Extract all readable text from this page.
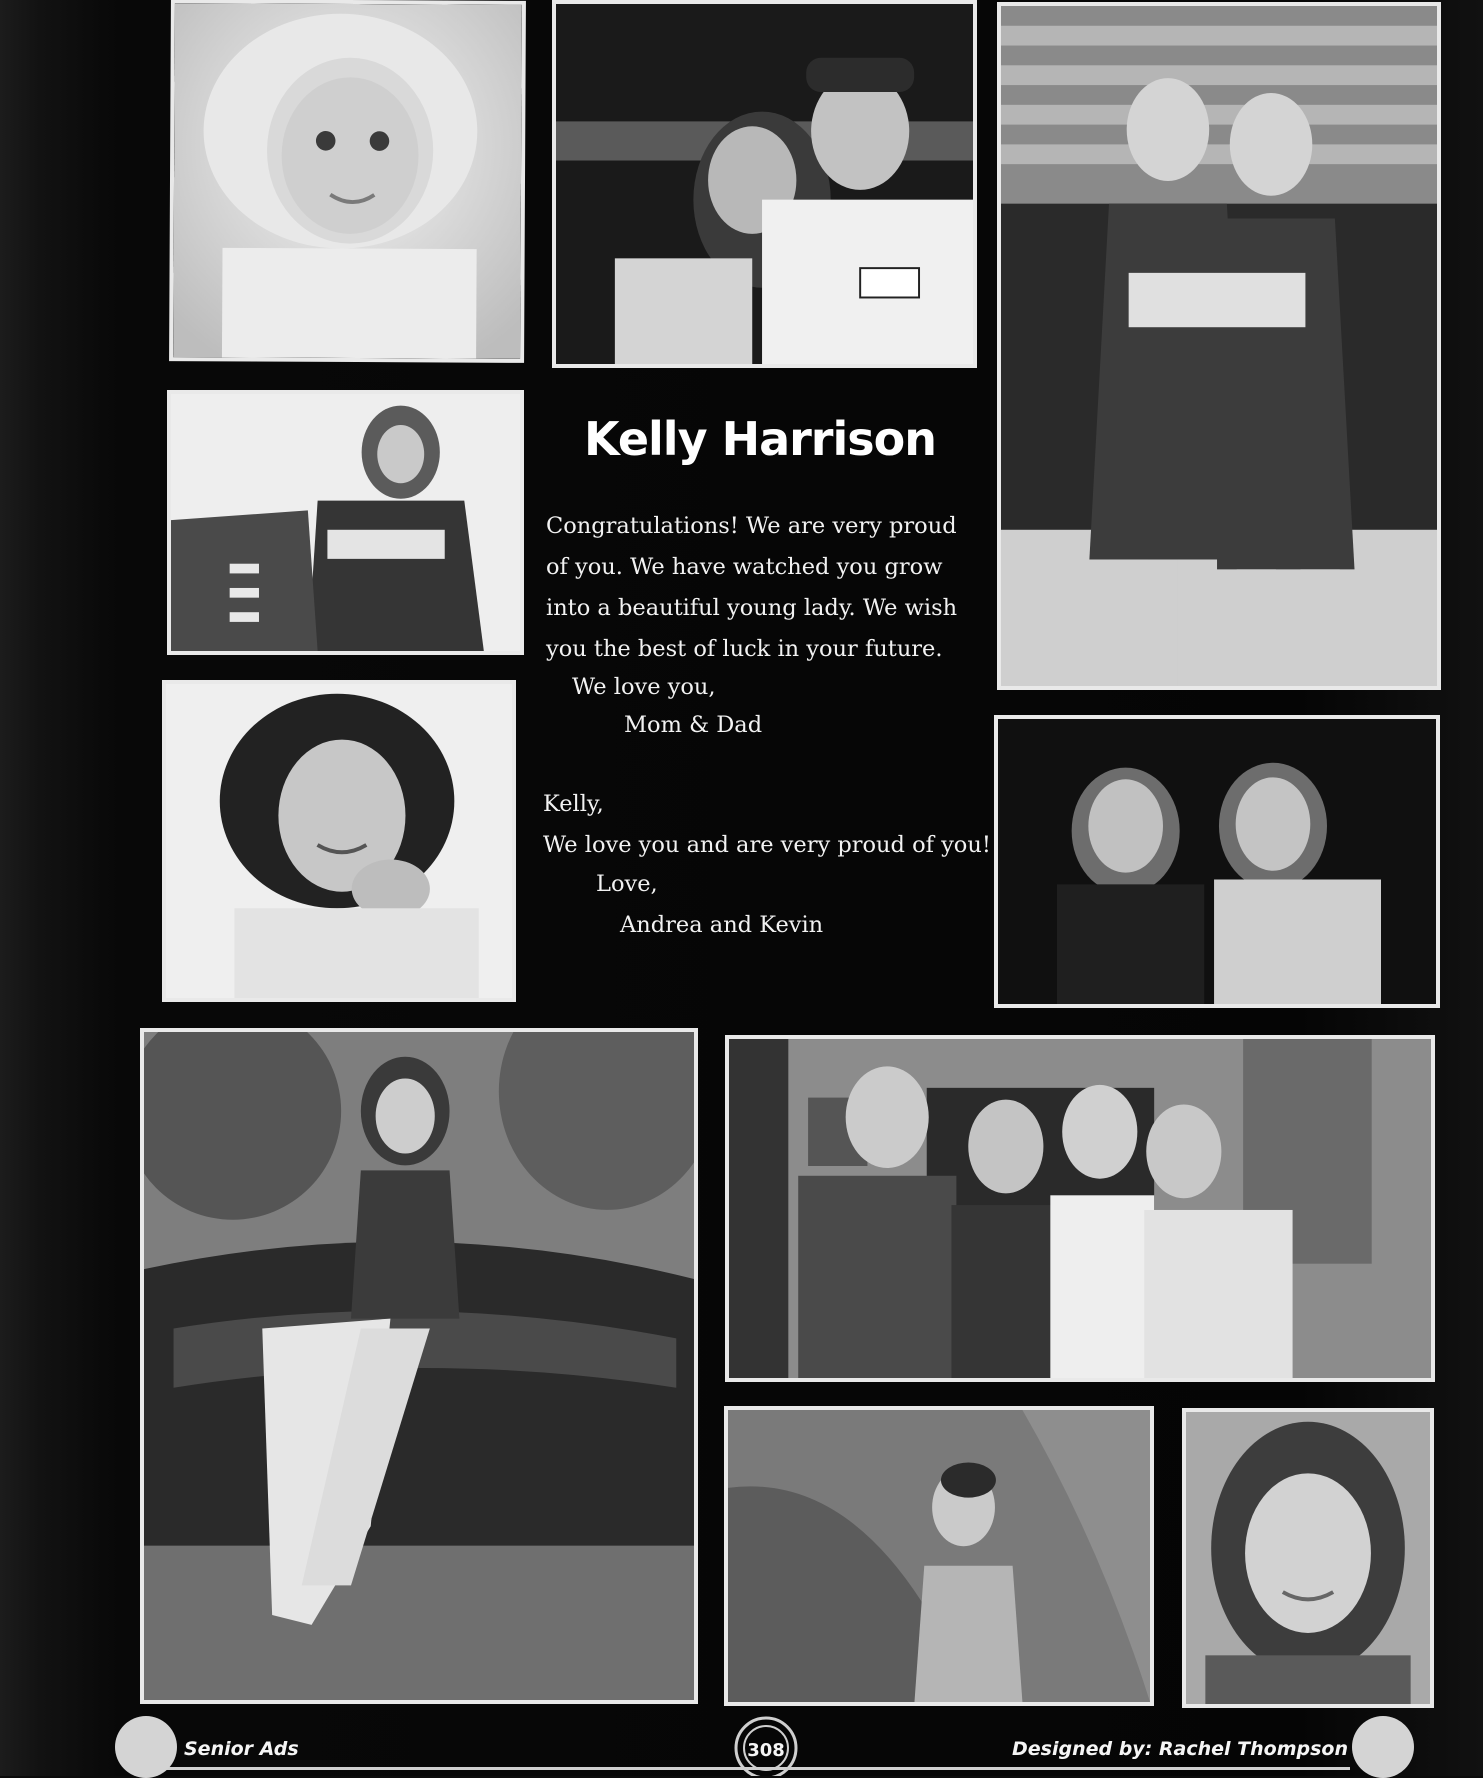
Kelly Harrison
Congratulations! We are very proud
of you. We have watched you grow
into a beautiful young lady. We wish
you the best of luck in your future.
We love you,
Mom & Dad
Kelly,
We love you and are very proud of you!
Love,
Andrea and Kevin
Senior Ads	308	Designed by: Rachel Thompson
